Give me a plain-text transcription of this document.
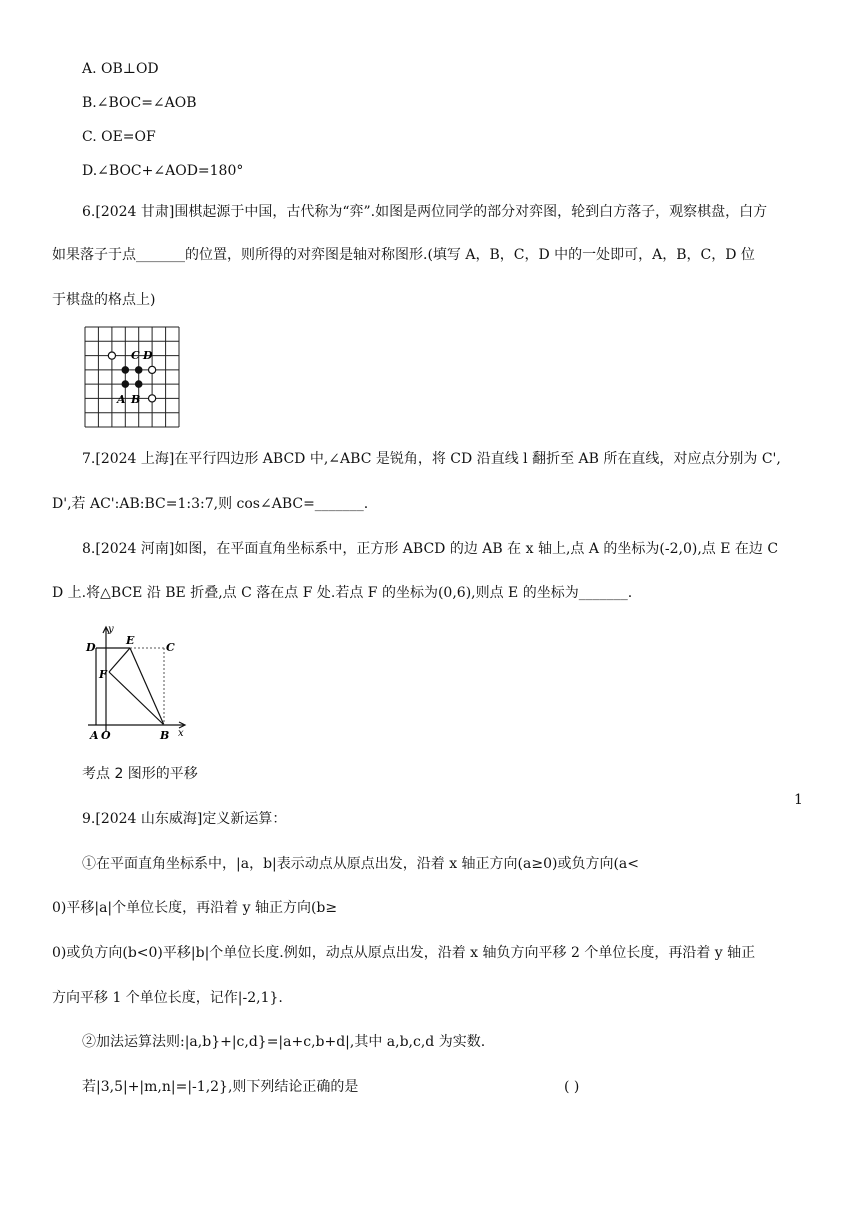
A. OB⊥OD
B.∠BOC=∠AOB
C. OE=OF
D.∠BOC+∠AOD=180°
6.[2024 甘肃]围棋起源于中国，古代称为“弈”.如图是两位同学的部分对弈图，轮到白方落子，观察棋盘，白方
如果落子于点_______的位置，则所得的对弈图是轴对称图形.(填写 A，B，C，D 中的一处即可，A，B，C，D 位
于棋盘的格点上)
C D
A B
7.[2024 上海]在平行四边形 ABCD 中,∠ABC 是锐角，将 CD 沿直线 l 翻折至 AB 所在直线，对应点分别为 C',
D',若 AC':AB:BC=1:3:7,则 cos∠ABC=_______.
8.[2024 河南]如图，在平面直角坐标系中，正方形 ABCD 的边 AB 在 x 轴上,点 A 的坐标为(-2,0),点 E 在边 C
D 上.将△BCE 沿 BE 折叠,点 C 落在点 F 处.若点 F 的坐标为(0,6),则点 E 的坐标为_______.
y
D
E
C
F
A O	B x
考点 2 图形的平移
1
9.[2024 山东威海]定义新运算：
①在平面直角坐标系中，|a，b|表示动点从原点出发，沿着 x 轴正方向(a≥0)或负方向(a<
0)平移|a|个单位长度，再沿着 y 轴正方向(b≥
0)或负方向(b<0)平移|b|个单位长度.例如，动点从原点出发，沿着 x 轴负方向平移 2 个单位长度，再沿着 y 轴正
方向平移 1 个单位长度，记作|-2,1}.
②加法运算法则:|a,b}+|c,d}=|a+c,b+d|,其中 a,b,c,d 为实数.
若|3,5|+|m,n|=|-1,2},则下列结论正确的是	( )
